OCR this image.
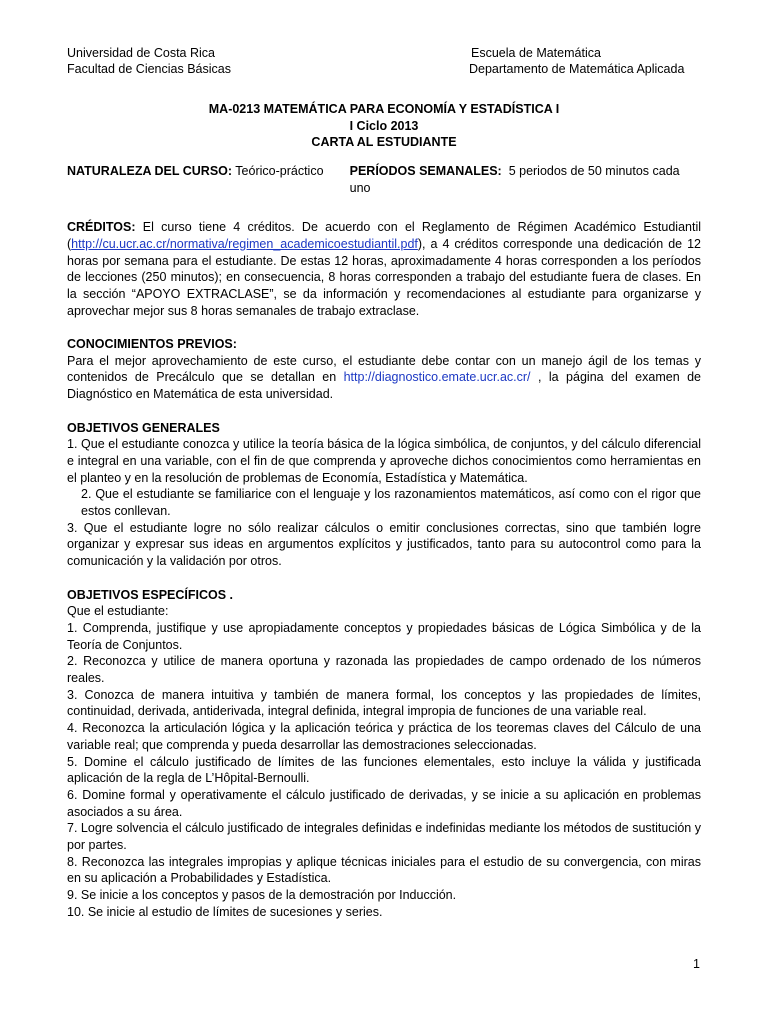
Universidad de Costa Rica
Facultad de Ciencias Básicas
Escuela de Matemática
Departamento de Matemática Aplicada
MA-0213 MATEMÁTICA PARA ECONOMÍA Y ESTADÍSTICA I
I Ciclo 2013
CARTA AL ESTUDIANTE
NATURALEZA DEL CURSO: Teórico-práctico	PERÍODOS SEMANALES: 5 periodos de 50 minutos cada uno

CRÉDITOS: El curso tiene 4 créditos. De acuerdo con el Reglamento de Régimen Académico Estudiantil (http://cu.ucr.ac.cr/normativa/regimen_academicoestudiantil.pdf), a 4 créditos corresponde una dedicación de 12 horas por semana para el estudiante. De estas 12 horas, aproximadamente 4 horas corresponden a los períodos de lecciones (250 minutos); en consecuencia, 8 horas corresponden a trabajo del estudiante fuera de clases. En la sección “APOYO EXTRACLASE”, se da información y recomendaciones al estudiante para organizarse y aprovechar mejor sus 8 horas semanales de trabajo extraclase.

CONOCIMIENTOS PREVIOS:

Para el mejor aprovechamiento de este curso, el estudiante debe contar con un manejo ágil de los temas y contenidos de Precálculo que se detallan en http://diagnostico.emate.ucr.ac.cr/ , la página del examen de Diagnóstico en Matemática de esta universidad.

OBJETIVOS GENERALES

1. Que el estudiante conozca y utilice la teoría básica de la lógica simbólica, de conjuntos, y del cálculo diferencial e integral en una variable, con el fin de que comprenda y aproveche dichos conocimientos como herramientas en el planteo y en la resolución de problemas de Economía, Estadística y Matemática.

2. Que el estudiante se familiarice con el lenguaje y los razonamientos matemáticos, así como con el rigor que estos conllevan.

3. Que el estudiante logre no sólo realizar cálculos o emitir conclusiones correctas, sino que también logre organizar y expresar sus ideas en argumentos explícitos y justificados, tanto para su autocontrol como para la comunicación y la validación por otros.

OBJETIVOS ESPECÍFICOS .

Que el estudiante:

1. Comprenda, justifique y use apropiadamente conceptos y propiedades básicas de Lógica Simbólica y de la Teoría de Conjuntos.

2. Reconozca y utilice de manera oportuna y razonada las propiedades de campo ordenado de los números reales.

3. Conozca de manera intuitiva y también de manera formal, los conceptos y las propiedades de límites, continuidad, derivada, antiderivada, integral definida, integral impropia de funciones de una variable real.

4. Reconozca la articulación lógica y la aplicación teórica y práctica de los teoremas claves del Cálculo de una variable real; que comprenda y pueda desarrollar las demostraciones seleccionadas.

5. Domine el cálculo justificado de límites de las funciones elementales, esto incluye la válida y justificada aplicación de la regla de L’Hôpital-Bernoulli.

6. Domine formal y operativamente el cálculo justificado de derivadas, y se inicie a su aplicación en problemas asociados a su área.

7. Logre solvencia el cálculo justificado de integrales definidas e indefinidas mediante los métodos de sustitución y por partes.

8. Reconozca las integrales impropias y aplique técnicas iniciales para el estudio de su convergencia, con miras en su aplicación a Probabilidades y Estadística.

9. Se inicie a los conceptos y pasos de la demostración por Inducción.

10. Se inicie al estudio de límites de sucesiones y series.

1
